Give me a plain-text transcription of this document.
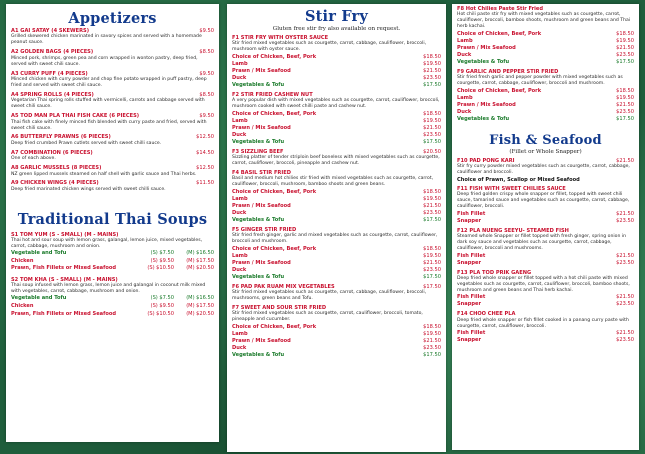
Appetizers
A1 GAI SATAY (4 SKEWERS)	$9.50
Grilled skewered chicken marinated in savory spices and served with a homemade peanut sauce.
A2 GOLDEN BAGS (4 PIECES)	$8.50
Minced pork, shrimps, green pea and corn wrapped in wonton pastry, deep fried, served with sweet chili sauce.
A3 CURRY PUFF (4 PIECES)	$9.50
Minced chicken with curry powder and chop fine potato wrapped in puff pastry, deep fried and served with sweet chili sauce.
A4 SPRING ROLLS (4 PIECES)	$8.50
Vegetarian Thai spring rolls stuffed with vermicelli, carrots and cabbage served with sweet chili sauce.
A5 TOD MAN PLA THAI FISH CAKE (6 PIECES)	$9.50
Thai fish cake with finely minced fish blended with curry paste and fried, served with sweet chili sauce.
A6 BUTTERFLY PRAWNS (6 PIECES)	$12.50
Deep fried crumbed Prawn cutlets served with sweet chilli sauce.
A7 COMBINATION (6 PIECES)	$14.50
One of each above.
A8 GARLIC MUSSELS (8 PIECES)	$12.50
NZ green lipped mussels steamed on half shell with garlic sauce and Thai herbs.
A9 CHICKEN WINGS (4 PIECES)	$11.50
Deep fried marinated chicken wings served with sweet chilli sauce.
Traditional Thai Soups
S1 TOM YUM (S - SMALL) (M - MAINS)
Thai hot and sour soup with lemon grass, galangal, lemon juice, mixed vegetables, carrot, cabbage, mushroom and onion.
Vegetable and Tofu	(S) $7.50	(M) $16.50
Chicken	(S) $9.50	(M) $17.50
Prawn, Fish Fillets or Mixed Seafood	(S) $10.50	(M) $20.50
S2 TOM KHA (S - SMALL) (M - MAINS)
Thai soup infused with lemon grass, lemon juice and galangal in coconut milk mixed with vegetables, carrot, cabbage, mushroom and onion.
Vegetable and Tofu	(S) $7.50	(M) $16.50
Chicken	(S) $9.50	(M) $17.50
Prawn, Fish Fillets or Mixed Seafood	(S) $10.50	(M) $20.50
Stir Fry
Gluten free stir fry also available on request.
F1 STIR FRY WITH OYSTER SAUCE
Stir fried mixed vegetables such as courgette, carrot, cabbage, cauliflower, broccoli, mushroom with oyster sauce.
Choice of Chicken, Beef, Pork	$18.50
Lamb	$19.50
Prawn / Mix Seafood	$21.50
Duck	$23.50
Vegetables & Tofu	$17.50
F2 STIR FRIED CASHEW NUT
A very popular dish with mixed vegetables such as courgette, carrot, cauliflower, broccoli, mushroom cooked with sweet chilli paste and cashew nut.
Choice of Chicken, Beef, Pork	$18.50
Lamb	$19.50
Prawn / Mix Seafood	$21.50
Duck	$23.50
Vegetables & Tofu	$17.50
F3 SIZZLING BEEF	$20.50
Sizzling platter of tender striploin beef boneless with mixed vegetables such as courgette, carrot, cauliflower, broccoli, pineapple and cashew nut.
F4 BASIL STIR FRIED
Basil and medium hot chilies stir fried with mixed vegetables such as courgette, carrot, cauliflower, broccoli, mushroom, bamboo shoots and green beans.
Choice of Chicken, Beef, Pork	$18.50
Lamb	$19.50
Prawn / Mix Seafood	$21.50
Duck	$23.50
Vegetables & Tofu	$17.50
F5 GINGER STIR FRIED
Stir fried fresh ginger, garlic and mixed vegetables such as courgette, carrot, cauliflower, broccoli and mushroom.
Choice of Chicken, Beef, Pork	$18.50
Lamb	$19.50
Prawn / Mix Seafood	$21.50
Duck	$23.50
Vegetables & Tofu	$17.50
F6 PAD PAK RUAM MIX VEGETABLES	$17.50
Stir fried mixed vegetables such as courgette, carrot, cabbage, cauliflower, broccoli, mushrooms, green beans and Tofu.
F7 SWEET AND SOUR STIR FRIED
Stir fried mixed vegetables such as courgette, carrot, cauliflower, broccoli, tomato, pineapple and cucumber.
Choice of Chicken, Beef, Pork	$18.50
Lamb	$19.50
Prawn / Mix Seafood	$21.50
Duck	$23.50
Vegetables & Tofu	$17.50
F8 Hot Chilies Paste Stir Fried
Hot chili paste stir fry with mixed vegetables such as courgette, carrot, cauliflower, broccoli, bamboo shoots, mushroom and green beans and Thai herb kachai.
Choice of Chicken, Beef, Pork	$18.50
Lamb	$19.50
Prawn / Mix Seafood	$21.50
Duck	$23.50
Vegetables & Tofu	$17.50
F9 GARLIC AND PEPPER STIR FRIED
Stir fried fresh garlic and pepper powder with mixed vegetables such as courgette, carrot, cabbage, cauliflower, broccoli and mushroom.
Choice of Chicken, Beef, Pork	$18.50
Lamb	$19.50
Prawn / Mix Seafood	$21.50
Duck	$23.50
Vegetables & Tofu	$17.50
Fish & Seafood
(Fillet or Whole Snapper)
F10 PAD PONG KARI	$21.50
Stir fry curry powder mixed vegetables such as courgette, carrot, cabbage, cauliflower and broccoli.
Choice of Prawn, Scallop or Mixed Seafood
F11 FISH WITH SWEET CHILIES SAUCE
Deep fried golden crispy whole snapper or fillet, topped with sweet chili sauce, tamarind sauce and vegetables such as courgette, carrot, cabbage, cauliflower, broccoli.
Fish Fillet	$21.50
Snapper	$23.50
F12 PLA NUENG SEEYU- STEAMED FISH
Steamed whole Snapper or fillet topped with fresh ginger, spring onion in dark soy sauce and vegetables such as courgette, carrot, cabbage, cauliflower, broccoli and mushrooms.
Fish Fillet	$21.50
Snapper	$23.50
F13 PLA TOD PRIK GAENG
Deep fried whole snapper or fillet topped with a hot chili paste with mixed vegetables such as courgette, carrot, cauliflower, broccoli, bamboo shoots, mushroom and green beans and Thai herb kachai.
Fish Fillet	$21.50
Snapper	$23.50
F14 CHOO CHEE PLA
Deep fried whole snapper or fish fillet cooked in a panang curry paste with courgette, carrot, cauliflower, broccoli.
Fish Fillet	$21.50
Snapper	$23.50
